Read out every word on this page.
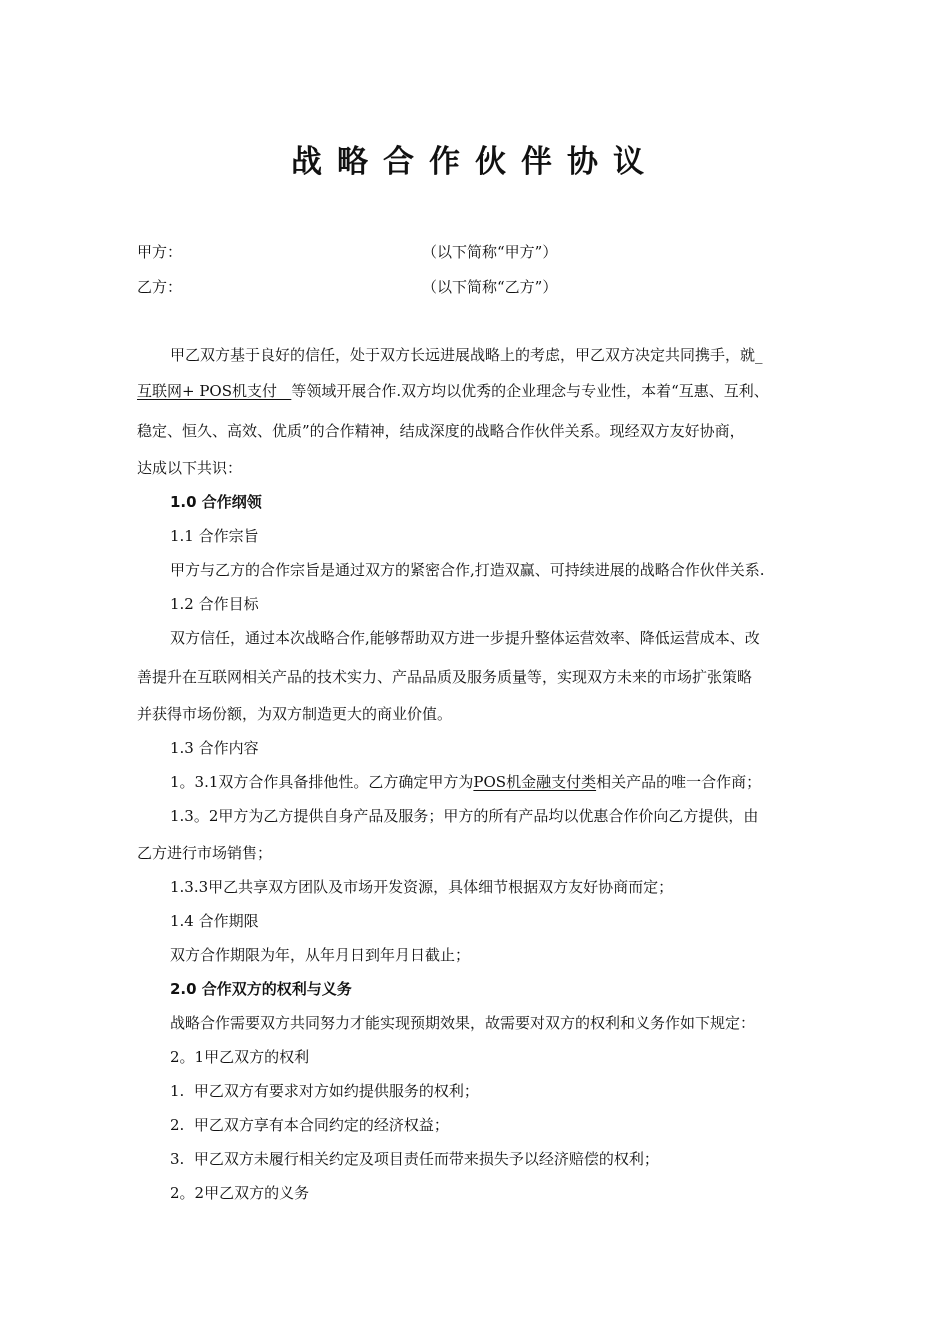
战略合作伙伴协议
甲方：	（以下简称“甲方”）
乙方：	（以下简称“乙方”）
甲乙双方基于良好的信任，处于双方长远进展战略上的考虑，甲乙双方决定共同携手，就_
互联网+ POS机支付   等领域开展合作.双方均以优秀的企业理念与专业性，本着“互惠、互利、
稳定、恒久、高效、优质”的合作精神，结成深度的战略合作伙伴关系。现经双方友好协商，
达成以下共识：
1.0 合作纲领
1.1 合作宗旨
甲方与乙方的合作宗旨是通过双方的紧密合作,打造双赢、可持续进展的战略合作伙伴关系.
1.2 合作目标
双方信任，通过本次战略合作,能够帮助双方进一步提升整体运营效率、降低运营成本、改
善提升在互联网相关产品的技术实力、产品品质及服务质量等，实现双方未来的市场扩张策略
并获得市场份额，为双方制造更大的商业价值。
1.3 合作内容
1。3.1双方合作具备排他性。乙方确定甲方为POS机金融支付类相关产品的唯一合作商；
1.3。2甲方为乙方提供自身产品及服务；甲方的所有产品均以优惠合作价向乙方提供，由
乙方进行市场销售；
1.3.3甲乙共享双方团队及市场开发资源，具体细节根据双方友好协商而定；
1.4 合作期限
双方合作期限为年，从年月日到年月日截止；
2.0 合作双方的权利与义务
战略合作需要双方共同努力才能实现预期效果，故需要对双方的权利和义务作如下规定：
2。1甲乙双方的权利
1.  甲乙双方有要求对方如约提供服务的权利；
2.  甲乙双方享有本合同约定的经济权益；
3.  甲乙双方未履行相关约定及项目责任而带来损失予以经济赔偿的权利；
2。2甲乙双方的义务
